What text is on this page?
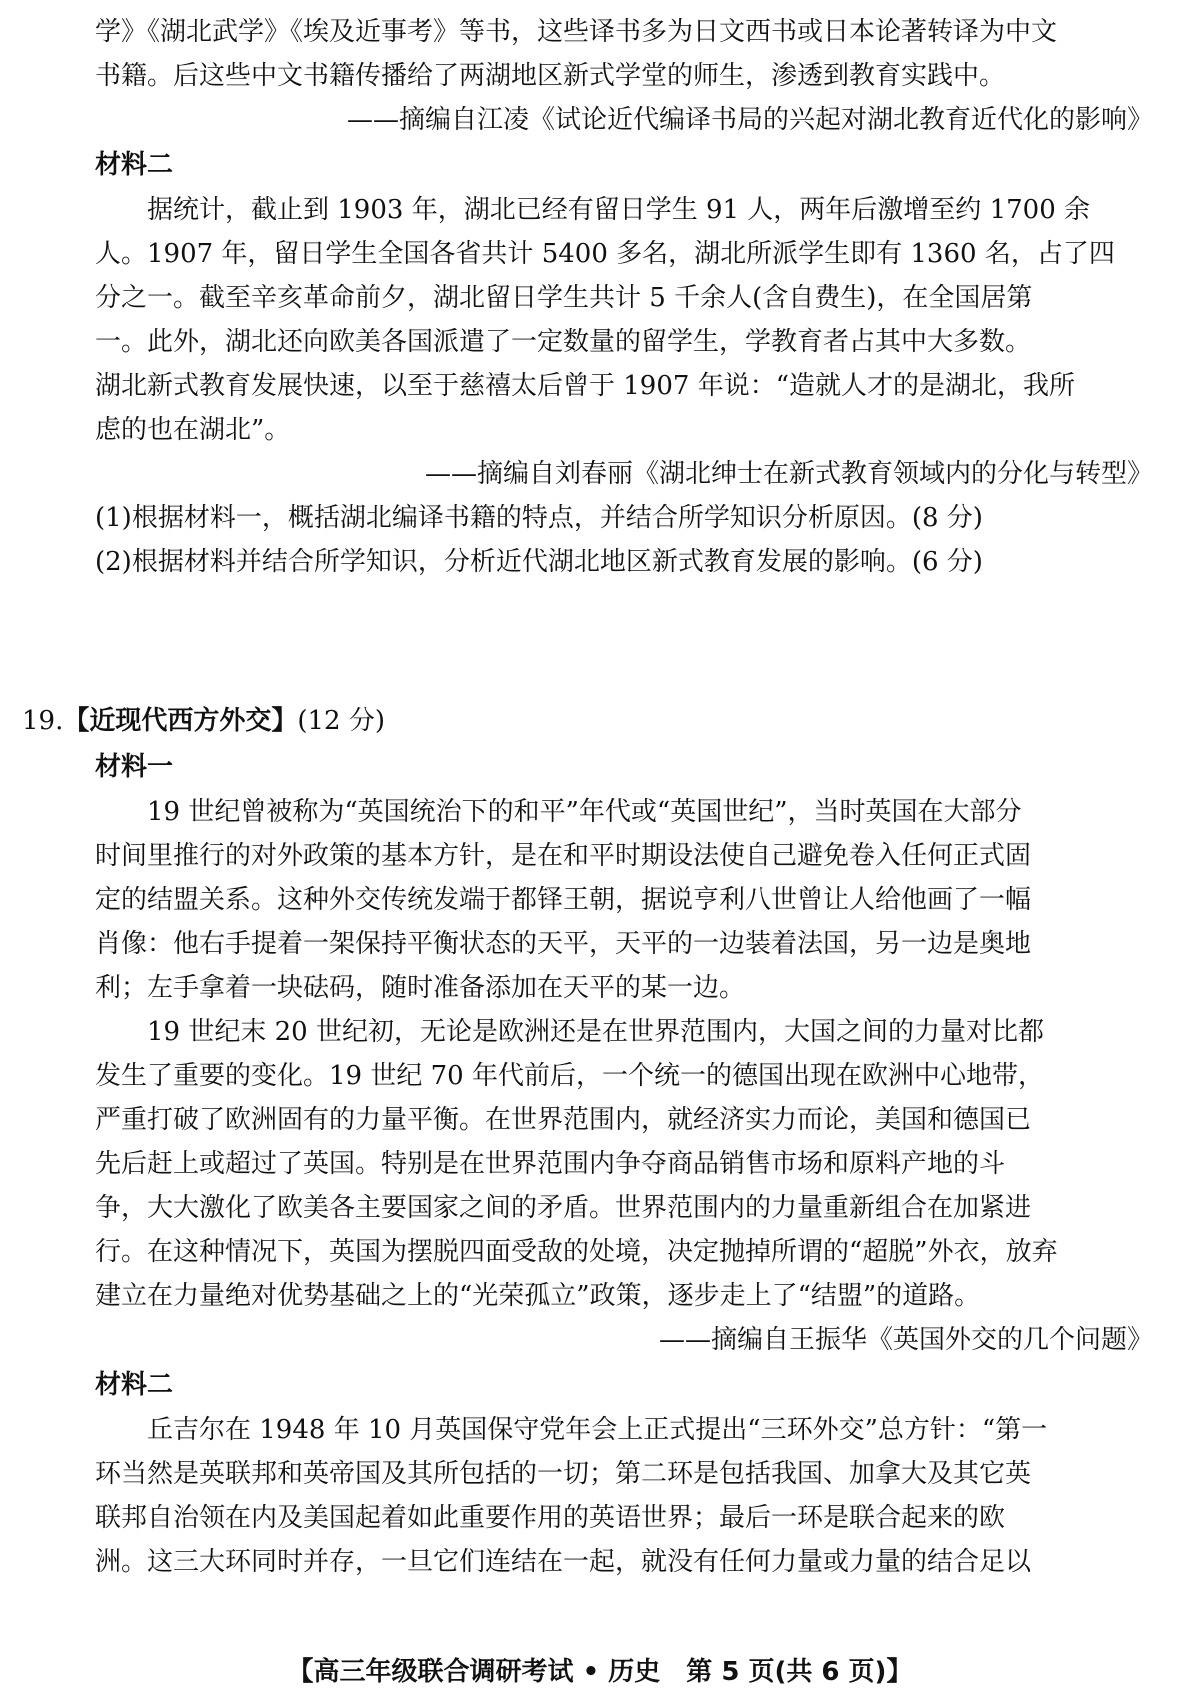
学》《湖北武学》《埃及近事考》等书，这些译书多为日文西书或日本论著转译为中文
书籍。后这些中文书籍传播给了两湖地区新式学堂的师生，渗透到教育实践中。
——摘编自江凌《试论近代编译书局的兴起对湖北教育近代化的影响》
材料二
据统计，截止到 1903 年，湖北已经有留日学生 91 人，两年后激增至约 1700 余
人。1907 年，留日学生全国各省共计 5400 多名，湖北所派学生即有 1360 名，占了四
分之一。截至辛亥革命前夕，湖北留日学生共计 5 千余人(含自费生)，在全国居第
一。此外，湖北还向欧美各国派遣了一定数量的留学生，学教育者占其中大多数。
湖北新式教育发展快速，以至于慈禧太后曾于 1907 年说：“造就人才的是湖北，我所
虑的也在湖北”。
——摘编自刘春丽《湖北绅士在新式教育领域内的分化与转型》
(1)根据材料一，概括湖北编译书籍的特点，并结合所学知识分析原因。(8 分)
(2)根据材料并结合所学知识，分析近代湖北地区新式教育发展的影响。(6 分)
19.【近现代西方外交】(12 分)
材料一
19 世纪曾被称为“英国统治下的和平”年代或“英国世纪”，当时英国在大部分
时间里推行的对外政策的基本方针，是在和平时期设法使自己避免卷入任何正式固
定的结盟关系。这种外交传统发端于都铎王朝，据说亨利八世曾让人给他画了一幅
肖像：他右手提着一架保持平衡状态的天平，天平的一边装着法国，另一边是奥地
利；左手拿着一块砝码，随时准备添加在天平的某一边。
19 世纪末 20 世纪初，无论是欧洲还是在世界范围内，大国之间的力量对比都
发生了重要的变化。19 世纪 70 年代前后，一个统一的德国出现在欧洲中心地带，
严重打破了欧洲固有的力量平衡。在世界范围内，就经济实力而论，美国和德国已
先后赶上或超过了英国。特别是在世界范围内争夺商品销售市场和原料产地的斗
争，大大激化了欧美各主要国家之间的矛盾。世界范围内的力量重新组合在加紧进
行。在这种情况下，英国为摆脱四面受敌的处境，决定抛掉所谓的“超脱”外衣，放弃
建立在力量绝对优势基础之上的“光荣孤立”政策，逐步走上了“结盟”的道路。
——摘编自王振华《英国外交的几个问题》
材料二
丘吉尔在 1948 年 10 月英国保守党年会上正式提出“三环外交”总方针：“第一
环当然是英联邦和英帝国及其所包括的一切；第二环是包括我国、加拿大及其它英
联邦自治领在内及美国起着如此重要作用的英语世界；最后一环是联合起来的欧
洲。这三大环同时并存，一旦它们连结在一起，就没有任何力量或力量的结合足以
【高三年级联合调研考试 • 历史　第 5 页(共 6 页)】
